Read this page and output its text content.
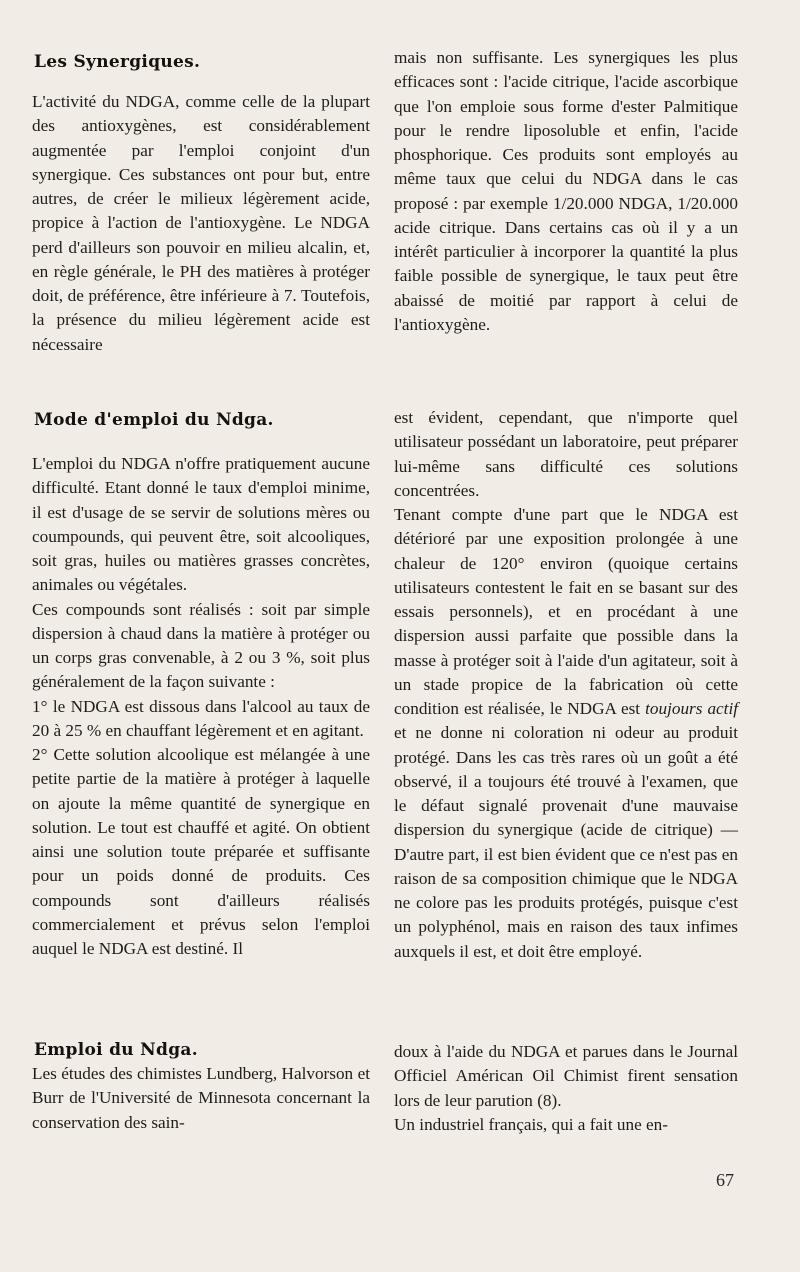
Les Synergiques.

L'activité du NDGA, comme celle de la plupart des antioxygènes, est considérablement augmentée par l'emploi conjoint d'un synergique. Ces substances ont pour but, entre autres, de créer le milieux légèrement acide, propice à l'action de l'antioxygène. Le NDGA perd d'ailleurs son pouvoir en milieu alcalin, et, en règle générale, le PH des matières à protéger doit, de préférence, être inférieure à 7. Toutefois, la présence du milieu légèrement acide est nécessaire

mais non suffisante. Les synergiques les plus efficaces sont : l'acide citrique, l'acide ascorbique que l'on emploie sous forme d'ester Palmitique pour le rendre liposoluble et enfin, l'acide phosphorique. Ces produits sont employés au même taux que celui du NDGA dans le cas proposé : par exemple 1/20.000 NDGA, 1/20.000 acide citrique. Dans certains cas où il y a un intérêt particulier à incorporer la quantité la plus faible possible de synergique, le taux peut être abaissé de moitié par rapport à celui de l'antioxygène.

Mode d'emploi du Ndga.

L'emploi du NDGA n'offre pratiquement aucune difficulté. Etant donné le taux d'emploi minime, il est d'usage de se servir de solutions mères ou coumpounds, qui peuvent être, soit alcooliques, soit gras, huiles ou matières grasses concrètes, animales ou végétales.

Ces compounds sont réalisés : soit par simple dispersion à chaud dans la matière à protéger ou un corps gras convenable, à 2 ou 3 %, soit plus généralement de la façon suivante :

1° le NDGA est dissous dans l'alcool au taux de 20 à 25 % en chauffant légèrement et en agitant.

2° Cette solution alcoolique est mélangée à une petite partie de la matière à protéger à laquelle on ajoute la même quantité de synergique en solution. Le tout est chauffé et agité. On obtient ainsi une solution toute préparée et suffisante pour un poids donné de produits. Ces compounds sont d'ailleurs réalisés commercialement et prévus selon l'emploi auquel le NDGA est destiné. Il

est évident, cependant, que n'importe quel utilisateur possédant un laboratoire, peut préparer lui-même sans difficulté ces solutions concentrées.

Tenant compte d'une part que le NDGA est détérioré par une exposition prolongée à une chaleur de 120° environ (quoique certains utilisateurs contestent le fait en se basant sur des essais personnels), et en procédant à une dispersion aussi parfaite que possible dans la masse à protéger soit à l'aide d'un agitateur, soit à un stade propice de la fabrication où cette condition est réalisée, le NDGA est toujours actif et ne donne ni coloration ni odeur au produit protégé. Dans les cas très rares où un goût a été observé, il a toujours été trouvé à l'examen, que le défaut signalé provenait d'une mauvaise dispersion du synergique (acide de citrique) — D'autre part, il est bien évident que ce n'est pas en raison de sa composition chimique que le NDGA ne colore pas les produits protégés, puisque c'est un polyphénol, mais en raison des taux infimes auxquels il est, et doit être employé.

Emploi du Ndga.

Les études des chimistes Lundberg, Halvorson et Burr de l'Université de Minnesota concernant la conservation des sain-

doux à l'aide du NDGA et parues dans le Journal Officiel Américan Oil Chimist firent sensation lors de leur parution (8).

Un industriel français, qui a fait une en-

67
